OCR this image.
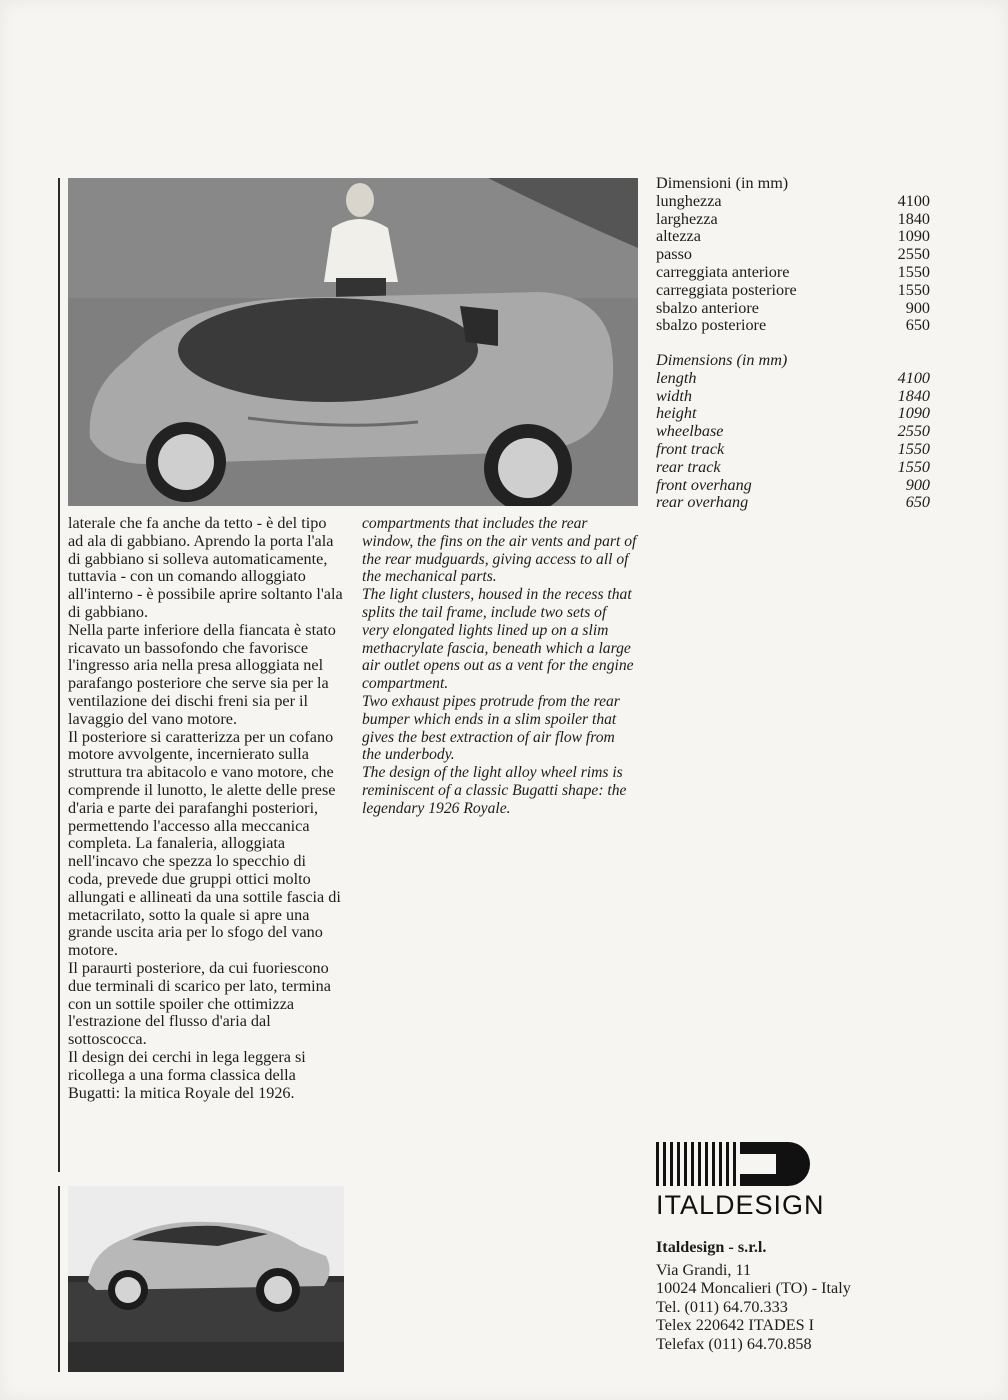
laterale che fa anche da tetto - è del tipo ad ala di gabbiano. Aprendo la porta l'ala di gabbiano si solleva automaticamente, tuttavia - con un comando alloggiato all'interno - è possibile aprire soltanto l'ala di gabbiano.

Nella parte inferiore della fiancata è stato ricavato un bassofondo che favorisce l'ingresso aria nella presa alloggiata nel parafango posteriore che serve sia per la ventilazione dei dischi freni sia per il lavaggio del vano motore.

Il posteriore si caratterizza per un cofano motore avvolgente, incernierato sulla struttura tra abitacolo e vano motore, che comprende il lunotto, le alette delle prese d'aria e parte dei parafanghi posteriori, permettendo l'accesso alla meccanica completa. La fanaleria, alloggiata nell'incavo che spezza lo specchio di coda, prevede due gruppi ottici molto allungati e allineati da una sottile fascia di metacrilato, sotto la quale si apre una grande uscita aria per lo sfogo del vano motore.

Il paraurti posteriore, da cui fuoriescono due terminali di scarico per lato, termina con un sottile spoiler che ottimizza l'estrazione del flusso d'aria dal sottoscocca.

Il design dei cerchi in lega leggera si ricollega a una forma classica della Bugatti: la mitica Royale del 1926.

compartments that includes the rear window, the fins on the air vents and part of the rear mudguards, giving access to all of the mechanical parts.

The light clusters, housed in the recess that splits the tail frame, include two sets of very elongated lights lined up on a slim methacrylate fascia, beneath which a large air outlet opens out as a vent for the engine compartment.

Two exhaust pipes protrude from the rear bumper which ends in a slim spoiler that gives the best extraction of air flow from the underbody.

The design of the light alloy wheel rims is reminiscent of a classic Bugatti shape: the legendary 1926 Royale.

Dimensioni (in mm)

lunghezza	4100
larghezza	1840
altezza	1090
passo	2550
carreggiata anteriore	1550
carreggiata posteriore	1550
sbalzo anteriore	900
sbalzo posteriore	650

Dimensions (in mm)

length	4100
width	1840
height	1090
wheelbase	2550
front track	1550
rear track	1550
front overhang	900
rear overhang	650
ITALDESIGN

Italdesign - s.r.l.

Via Grandi, 11

10024 Moncalieri (TO) - Italy

Tel. (011) 64.70.333

Telex 220642 ITADES I

Telefax (011) 64.70.858
